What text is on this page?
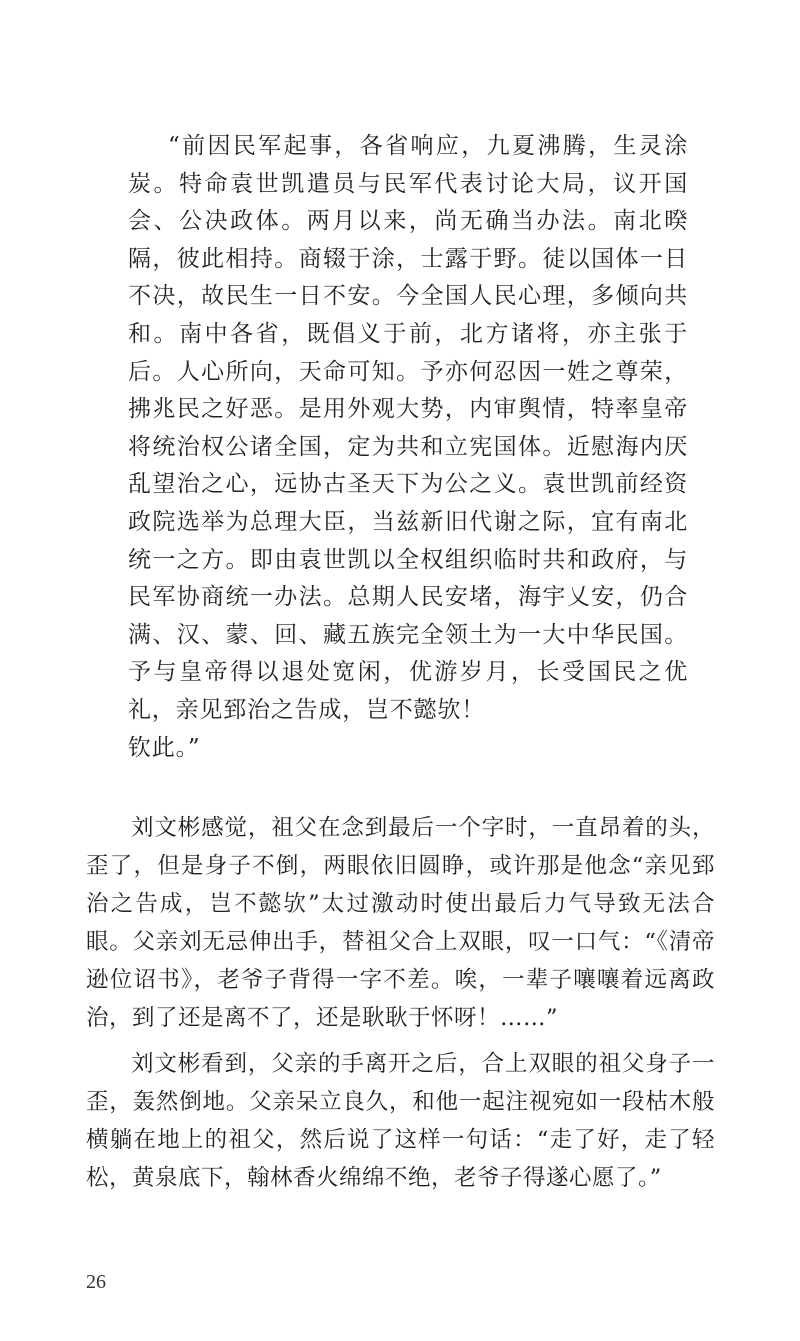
“前因民军起事，各省响应，九夏沸腾，生灵涂炭。特命袁世凯遣员与民军代表讨论大局，议开国会、公决政体。两月以来，尚无确当办法。南北暌隔，彼此相持。商辍于涂，士露于野。徒以国体一日不决，故民生一日不安。今全国人民心理，多倾向共和。南中各省，既倡义于前，北方诸将，亦主张于后。人心所向，天命可知。予亦何忍因一姓之尊荣，拂兆民之好恶。是用外观大势，内审舆情，特率皇帝将统治权公诸全国，定为共和立宪国体。近慰海内厌乱望治之心，远协古圣天下为公之义。袁世凯前经资政院选举为总理大臣，当兹新旧代谢之际，宜有南北统一之方。即由袁世凯以全权组织临时共和政府，与民军协商统一办法。总期人民安堵，海宇乂安，仍合满、汉、蒙、回、藏五族完全领土为一大中华民国。予与皇帝得以退处宽闲，优游岁月，长受国民之优礼，亲见郅治之告成，岂不懿欤！

钦此。”

刘文彬感觉，祖父在念到最后一个字时，一直昂着的头，歪了，但是身子不倒，两眼依旧圆睁，或许那是他念“亲见郅治之告成，岂不懿欤”太过激动时使出最后力气导致无法合眼。父亲刘无忌伸出手，替祖父合上双眼，叹一口气：“《清帝逊位诏书》，老爷子背得一字不差。唉，一辈子嚷嚷着远离政治，到了还是离不了，还是耿耿于怀呀！……”

刘文彬看到，父亲的手离开之后，合上双眼的祖父身子一歪，轰然倒地。父亲呆立良久，和他一起注视宛如一段枯木般横躺在地上的祖父，然后说了这样一句话：“走了好，走了轻松，黄泉底下，翰林香火绵绵不绝，老爷子得遂心愿了。”

26
